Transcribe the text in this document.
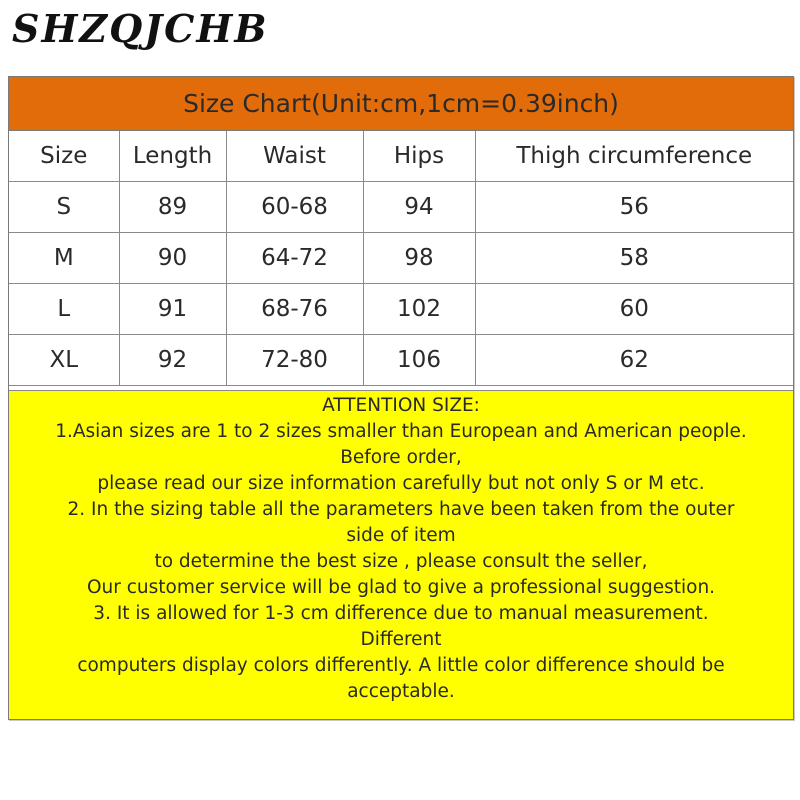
SHZQJCHB
Size Chart(Unit:cm,1cm=0.39inch)
Size	Length	Waist	Hips	Thigh circumference
S	89	60-68	94	56
M	90	64-72	98	58
L	91	68-76	102	60
XL	92	72-80	106	62
ATTENTION SIZE:
1.Asian sizes are 1 to 2 sizes smaller than European and American people.
Before order,
please read our size information carefully but not only S or M etc.
2. In the sizing table all the parameters have been taken from the outer
side of item
to determine the best size , please consult the seller,
Our customer service will be glad to give a professional suggestion.
3. It is allowed for 1-3 cm difference due to manual measurement.
Different
computers display colors differently. A little color difference should be
acceptable.
